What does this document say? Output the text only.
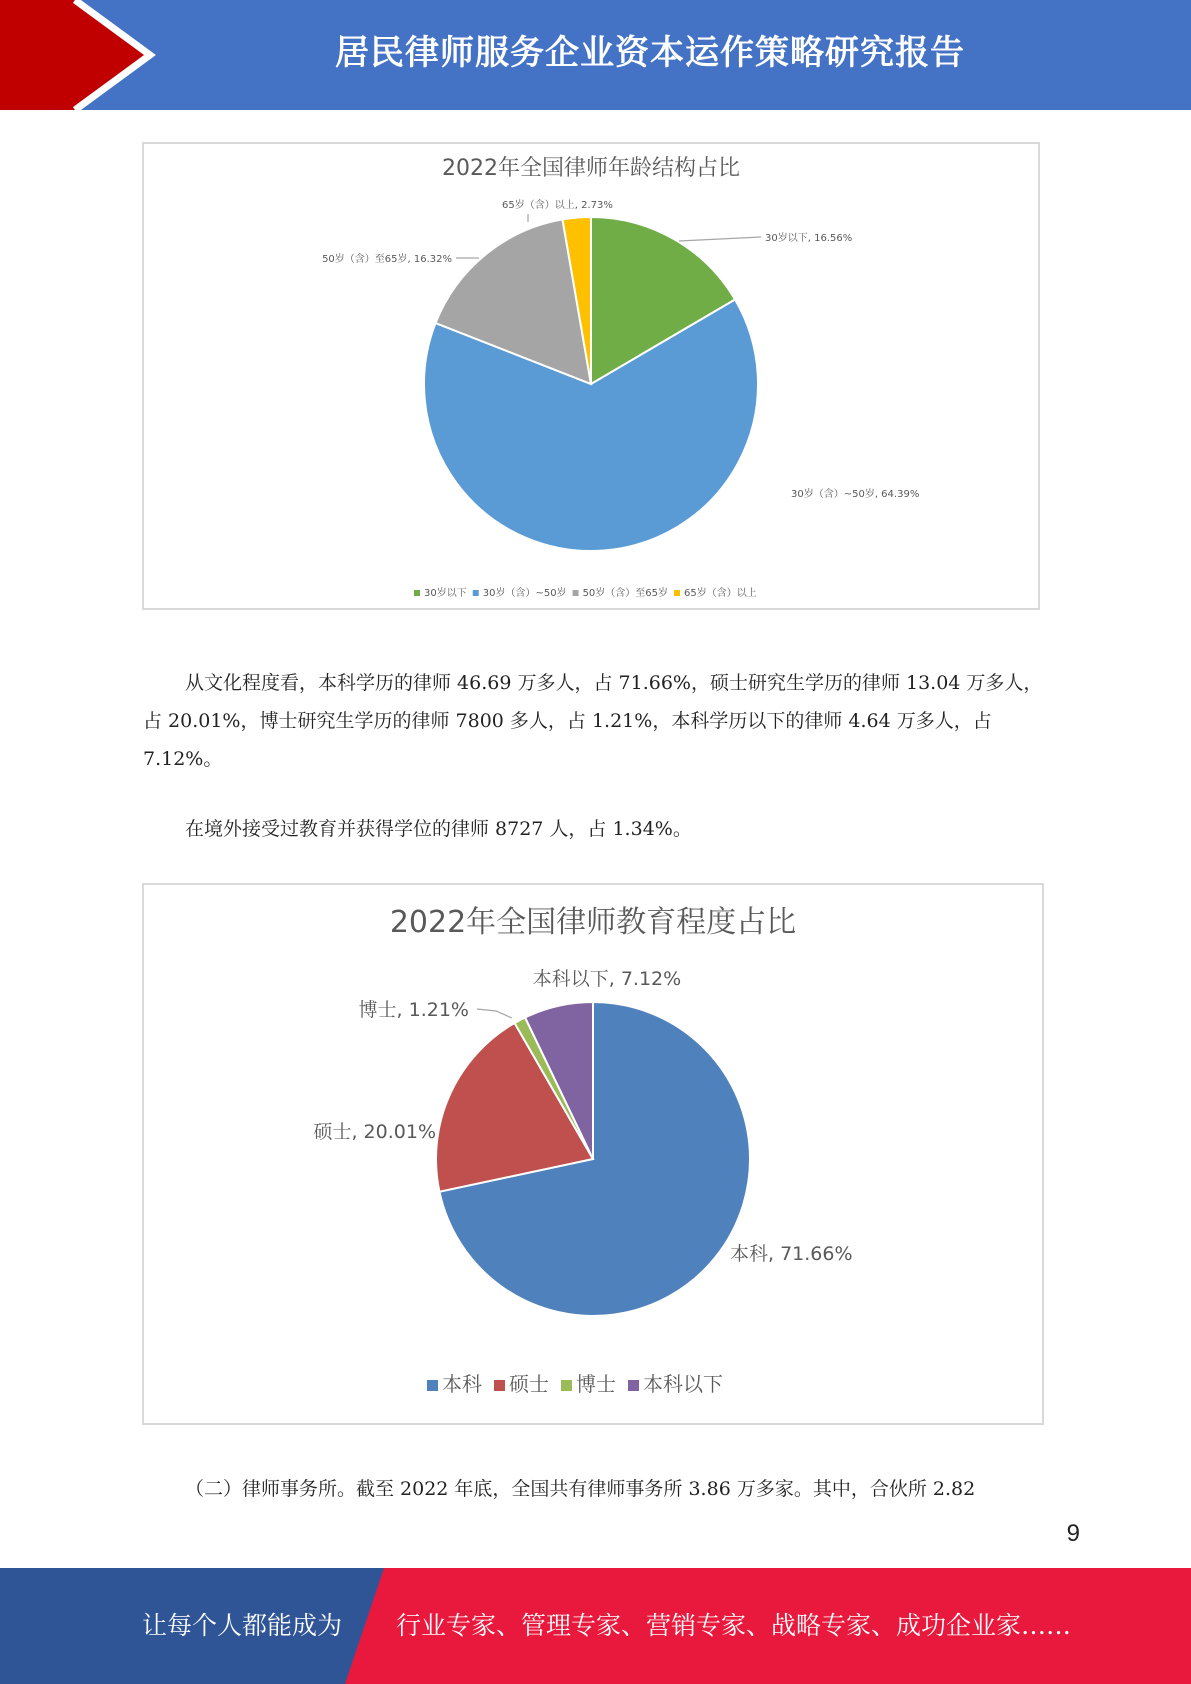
居民律师服务企业资本运作策略研究报告
2022年全国律师年龄结构占比
30岁以下, 16.56%
30岁（含）~50岁, 64.39%
50岁（含）至65岁, 16.32%
65岁（含）以上, 2.73%
30岁以下 30岁（含）~50岁 50岁（含）至65岁 65岁（含）以上
从文化程度看，本科学历的律师 46.69 万多人，占 71.66%，硕士研究生学历的律师 13.04 万多人，占 20.01%，博士研究生学历的律师 7800 多人，占 1.21%，本科学历以下的律师 4.64 万多人，占 7.12%。
在境外接受过教育并获得学位的律师 8727 人，占 1.34%。
2022年全国律师教育程度占比
本科, 71.66%
硕士, 20.01%
博士, 1.21%
本科以下, 7.12%
本科 硕士 博士 本科以下
（二）律师事务所。截至 2022 年底，全国共有律师事务所 3.86 万多家。其中，合伙所 2.82
9
让每个人都能成为 行业专家、管理专家、营销专家、战略专家、成功企业家……
